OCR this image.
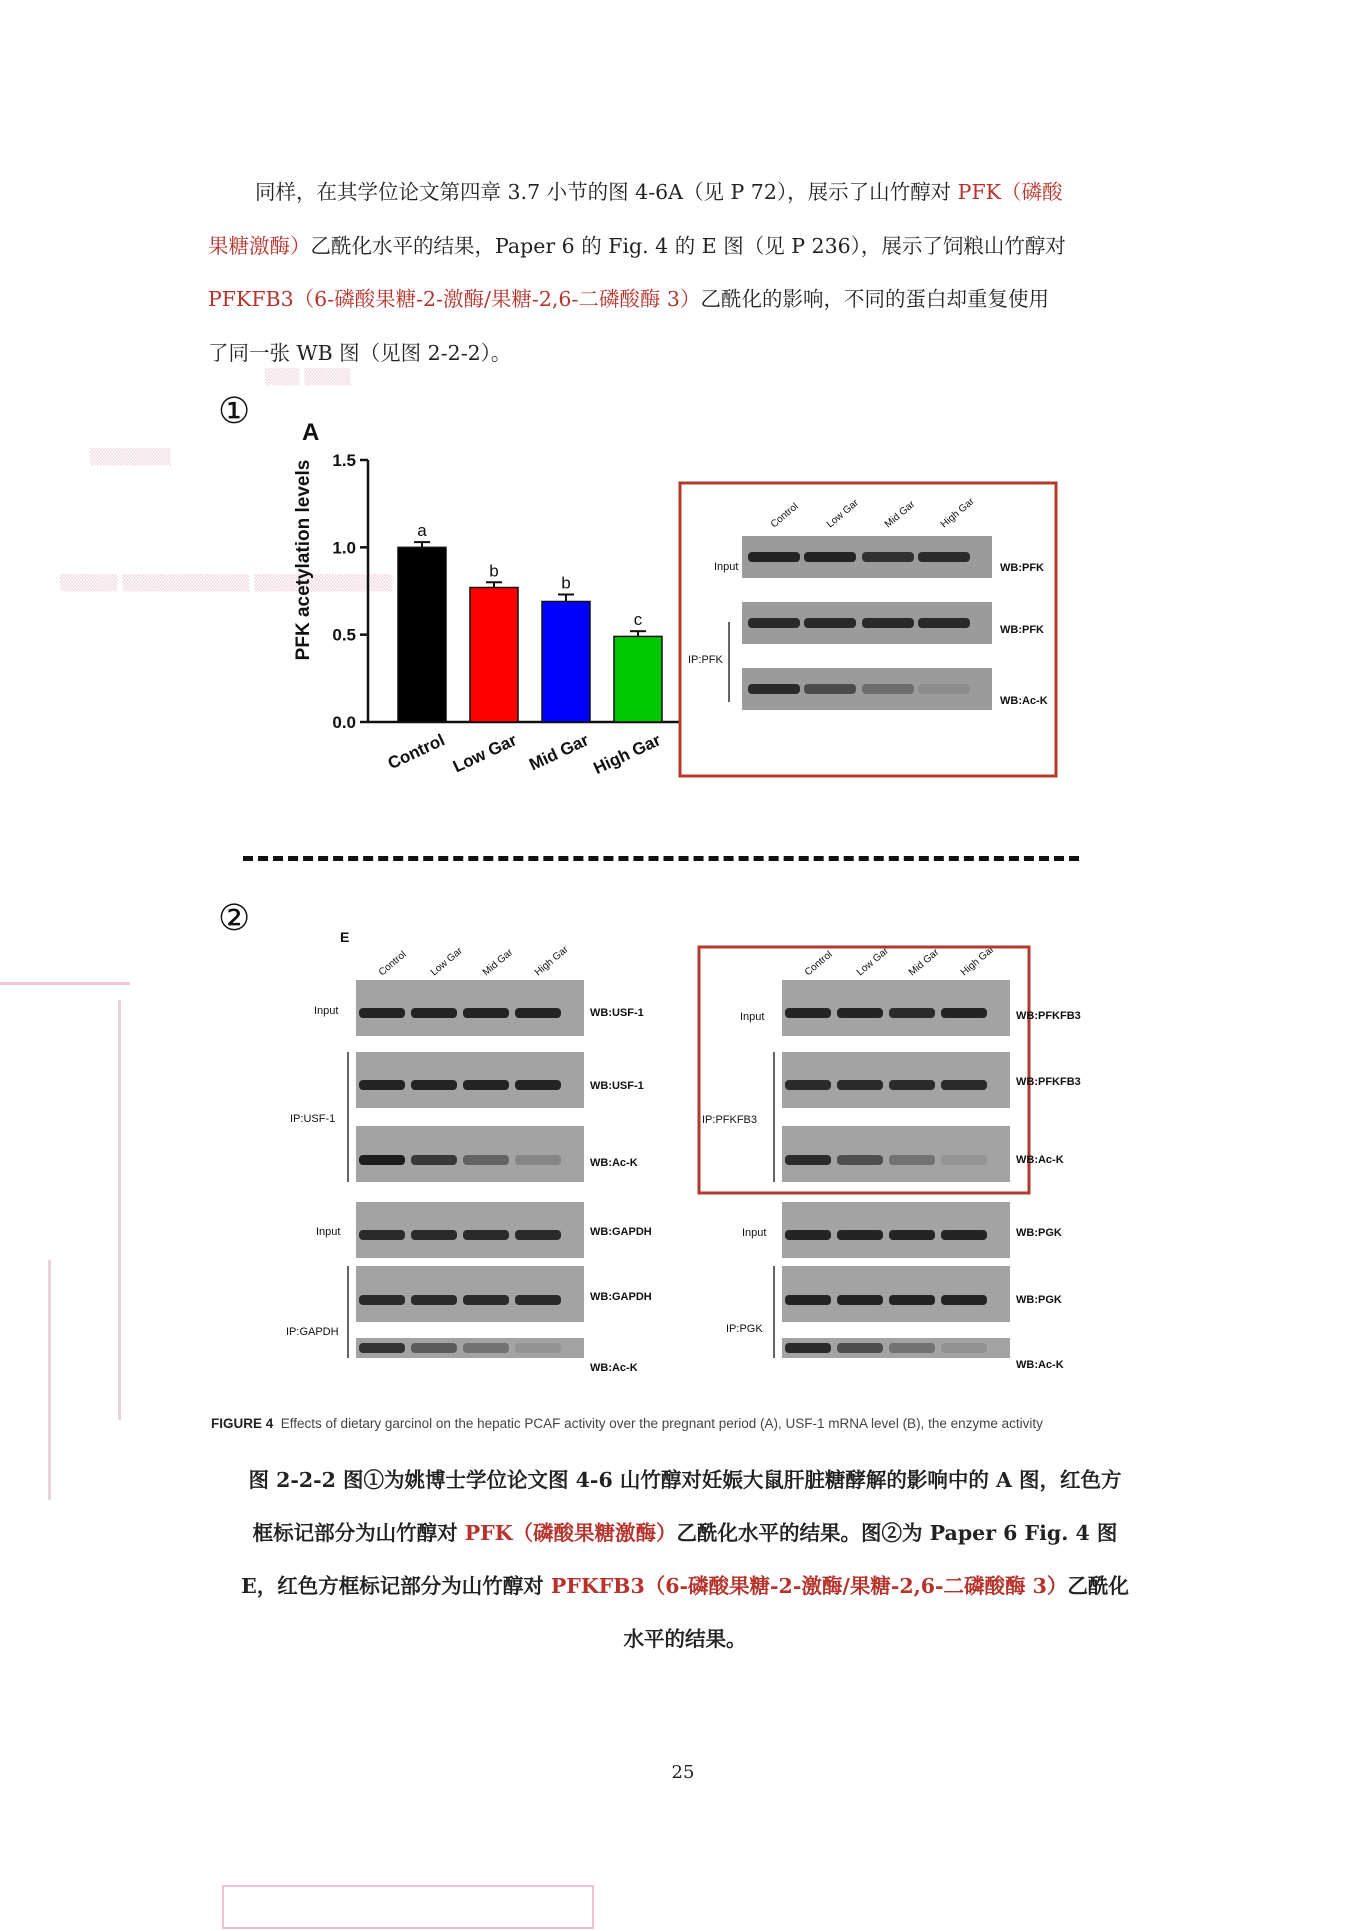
▒▒▒ ▒▒▒▒
▒▒▒▒▒▒▒
▒▒▒▒▒ ▒▒▒▒▒▒▒▒▒▒▒ ▒▒▒▒▒▒▒▒▒▒▒▒
同样，在其学位论文第四章 3.7 小节的图 4-6A（见 P 72），展示了山竹醇对 PFK（磷酸
果糖激酶）乙酰化水平的结果，Paper 6 的 Fig. 4 的 E 图（见 P 236），展示了饲粮山竹醇对
PFKFB3（6-磷酸果糖-2-激酶/果糖-2,6-二磷酸酶 3）乙酰化的影响，不同的蛋白却重复使用
了同一张 WB 图（见图 2-2-2）。
①
A
PFK acetylation levels
0.0
0.5
1.0
1.5
a
b
b
c
Control Low Gar Mid Gar
High Gar
Control Low Gar Mid Gar High Gar
Input
IP:PFK
WB:PFK
WB:PFK
WB:Ac-K
②	E
Control Low Gar Mid Gar High Gar	Control Low Gar Mid Gar High Gar
Input
IP:USF-1
Input
IP:GAPDH
Input
IP:PFKFB3
Input
IP:PGK
WB:USF-1
WB:USF-1
WB:Ac-K
WB:GAPDH
WB:GAPDH
WB:Ac-K
WB:PFKFB3
WB:PFKFB3
WB:Ac-K
WB:PGK
WB:PGK
WB:Ac-K
FIGURE 4 Effects of dietary garcinol on the hepatic PCAF activity over the pregnant period (A), USF-1 mRNA level (B), the enzyme activity
图 2-2-2 图①为姚博士学位论文图 4-6 山竹醇对妊娠大鼠肝脏糖酵解的影响中的 A 图，红色方
框标记部分为山竹醇对 PFK（磷酸果糖激酶）乙酰化水平的结果。图②为 Paper 6 Fig. 4 图
E，红色方框标记部分为山竹醇对 PFKFB3（6-磷酸果糖-2-激酶/果糖-2,6-二磷酸酶 3）乙酰化
水平的结果。
25
